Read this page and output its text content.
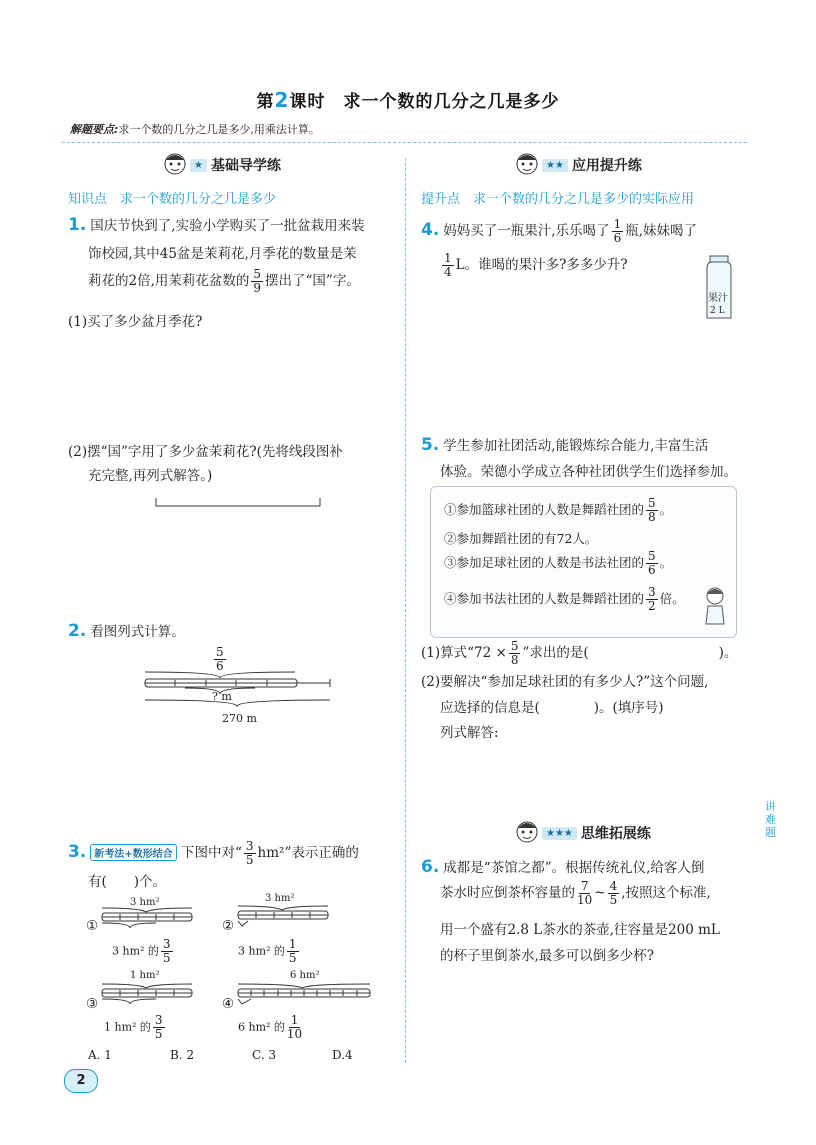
第2课时　求一个数的几分之几是多少
解题要点:求一个数的几分之几是多少,用乘法计算。
★ 基础导学练
知识点　求一个数的几分之几是多少
1. 国庆节快到了,实验小学购买了一批盆栽用来装
饰校园,其中45盆是茉莉花,月季花的数量是茉
莉花的2倍,用茉莉花盆数的 $\frac{5}{9}$ 摆出了“国”字。
(1)买了多少盆月季花?
(2)摆“国”字用了多少盆茉莉花?(先将线段图补
充完整,再列式解答。)
2. 看图列式计算。
$\frac{5}{6}$
? m
270 m
3. 新考法+数形结合 下图中对“ $\frac{3}{5} hm^2$”表示正确的
有(　　)个。
3 hm²
①
3 hm² 的 $\frac{3}{5}$
3 hm²
②
3 hm² 的 $\frac{1}{5}$
1 hm²
③
1 hm² 的 $\frac{3}{5}$
6 hm²
④
6 hm² 的 $\frac{1}{10}$
A. 1	B. 2	C. 3	D.4
★★ 应用提升练
提升点　求一个数的几分之几是多少的实际应用
4. 妈妈买了一瓶果汁,乐乐喝了 $\frac{1}{6}$ 瓶,妹妹喝了
$\frac{1}{4}$ L。谁喝的果汁多?多多少升?
果汁
2 L
5. 学生参加社团活动,能锻炼综合能力,丰富生活
体验。荣德小学成立各种社团供学生们选择参加。
①参加篮球社团的人数是舞蹈社团的 $\frac{5}{8}$ 。
②参加舞蹈社团的有72人。
③参加足球社团的人数是书法社团的 $\frac{5}{6}$ 。
④参加书法社团的人数是舞蹈社团的 $\frac{3}{2}$ 倍。
(1)算式“$72 \times \frac{5}{8}$ ”求出的是(	)。
(2)要解决“参加足球社团的有多少人?”这个问题,
应选择的信息是(　　　　)。(填序号)
列式解答:
★★★ 思维拓展练
讲难题
6. 成都是“茶馆之都”。根据传统礼仪,给客人倒
茶水时应倒茶杯容量的 $\frac{7}{10}$ ~ $\frac{4}{5}$ ,按照这个标准,
用一个盛有2.8 L茶水的茶壶,往容量是200 mL
的杯子里倒茶水,最多可以倒多少杯?
2
